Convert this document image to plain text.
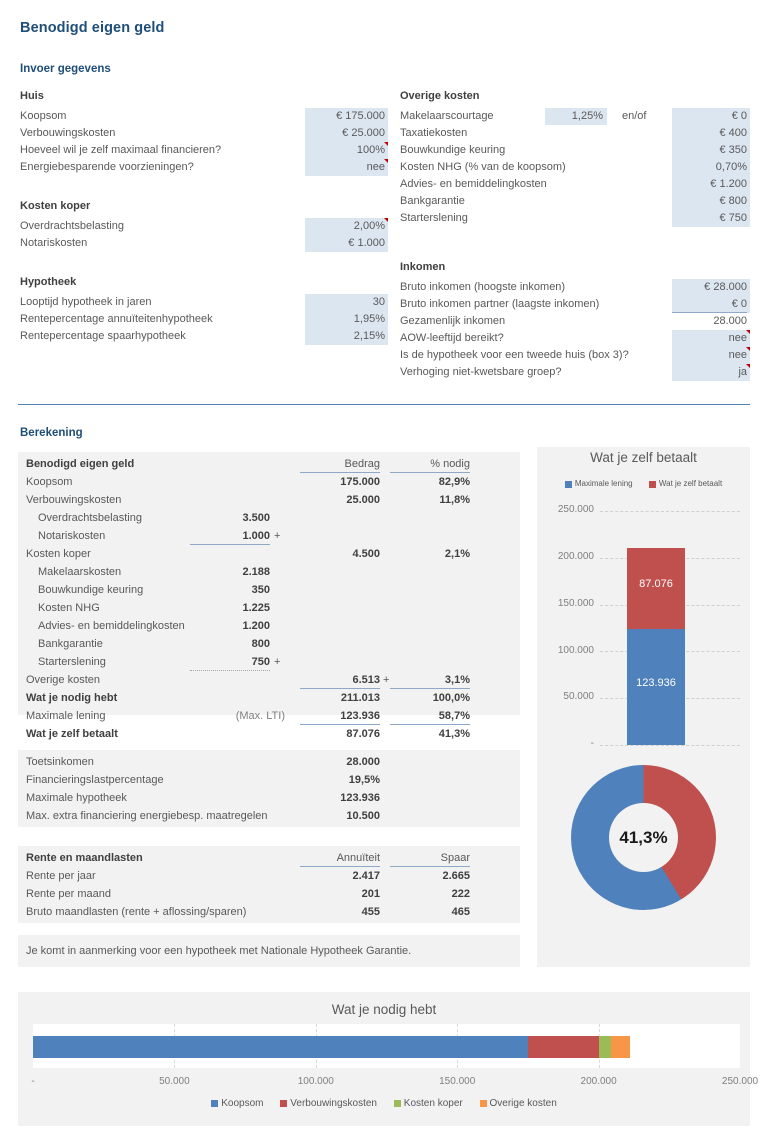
Benodigd eigen geld
Invoer gegevens
Berekening
Huis
Koopsom	€ 175.000
Verbouwingskosten	€ 25.000
Hoeveel wil je zelf maximaal financieren?	100%
Energiebesparende voorzieningen?	nee
Kosten koper
Overdrachtsbelasting	2,00%
Notariskosten	€ 1.000
Hypotheek
Looptijd hypotheek in jaren	30
Rentepercentage annuïteitenhypotheek	1,95%
Rentepercentage spaarhypotheek	2,15%
Overige kosten
Makelaarscourtage	1,25% en/of	€ 0
Taxatiekosten	€ 400
Bouwkundige keuring	€ 350
Kosten NHG (% van de koopsom)	0,70%
Advies- en bemiddelingkosten	€ 1.200
Bankgarantie	€ 800
Starterslening	€ 750
Inkomen
Bruto inkomen (hoogste inkomen)	€ 28.000
Bruto inkomen partner (laagste inkomen)	€ 0
Gezamenlijk inkomen	28.000
AOW-leeftijd bereikt?	nee
Is de hypotheek voor een tweede huis (box 3)?	nee
Verhoging niet-kwetsbare groep?	ja
Benodigd eigen geld	Bedrag	% nodig
Koopsom	175.000	82,9%
Verbouwingskosten	25.000	11,8%
Overdrachtsbelasting	3.500
Notariskosten	1.000 +
Kosten koper	4.500	2,1%
Makelaarskosten	2.188
Bouwkundige keuring	350
Kosten NHG	1.225
Advies- en bemiddelingkosten	1.200
Bankgarantie	800
Starterslening	750 +
Overige kosten	6.513 +	3,1%
Wat je nodig hebt	211.013	100,0%
Maximale lening	(Max. LTI)	123.936	58,7%
Wat je zelf betaalt	87.076	41,3%
Toetsinkomen	28.000
Financieringslastpercentage	19,5%
Maximale hypotheek	123.936
Max. extra financiering energiebesp. maatregelen	10.500
Rente en maandlasten	Annuïteit	Spaar
Rente per jaar	2.417	2.665
Rente per maand	201	222
Bruto maandlasten (rente + aflossing/sparen)	455	465
Je komt in aanmerking voor een hypotheek met Nationale Hypotheek Garantie.
Wat je zelf betaalt
Maximale lening	Wat je zelf betaalt
250.000
200.000
150.000
100.000
50.000
-
87.076
123.936
41,3%
Wat je nodig hebt
-	50.000	100.000	150.000	200.000	250.000
Koopsom	Verbouwingskosten	Kosten koper	Overige kosten
